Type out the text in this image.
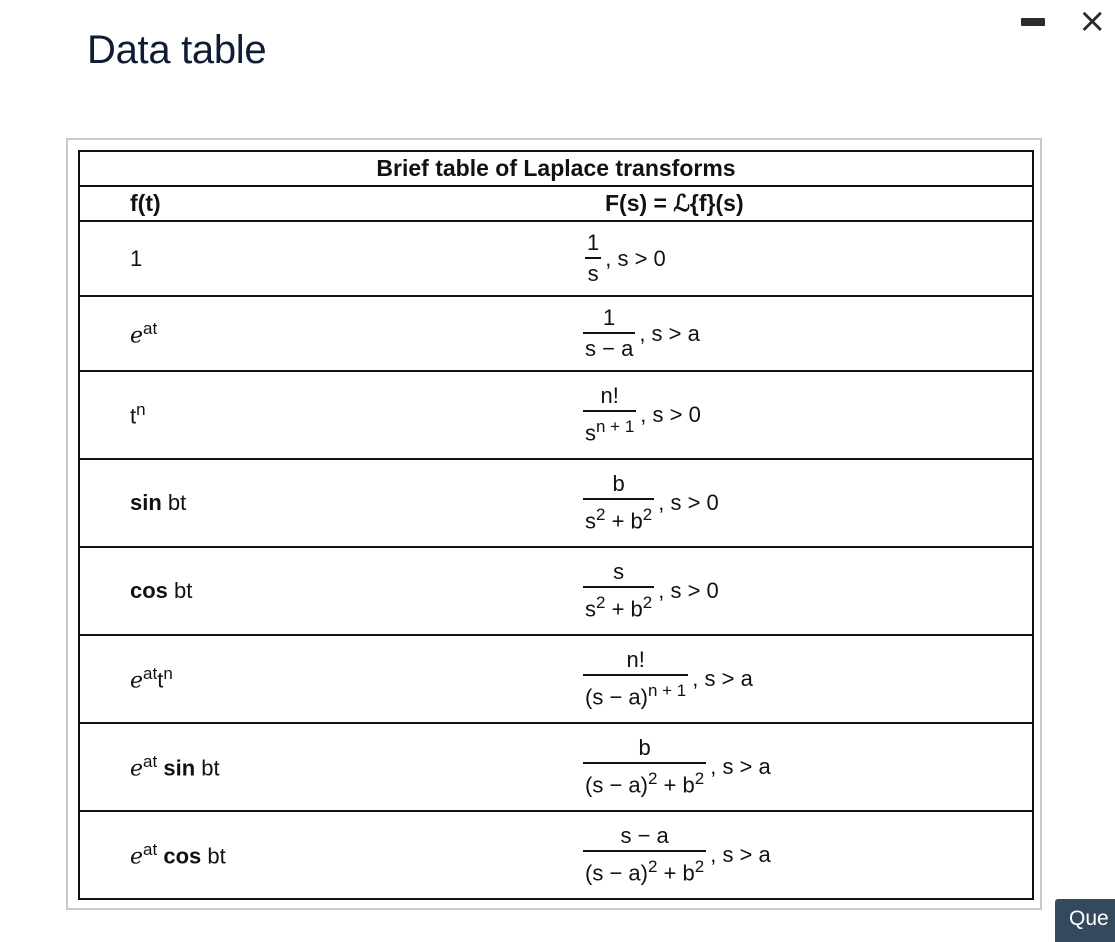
Data table
×
Brief table of Laplace transforms	
f(t)	F(s) = ℒ{f}(s)
1	$\frac{1}{s}$ , s > 0
$e^{at}$	$\frac{1}{s - a}$ , s > a
$t^n$	$\frac{n!}{s^{n + 1}}$ , s > 0
sin bt	$\frac{b}{s^2 + b^2}$ , s > 0
cos bt	$\frac{s}{s^2 + b^2}$ , s > 0
$e^{at}t^n$	$\frac{n!}{(s - a)^{n + 1}}$ , s > a
$e^{at}$ sin bt	$\frac{b}{(s - a)^2 + b^2}$ , s > a
$e^{at}$ cos bt	$\frac{s - a}{(s - a)^2 + b^2}$ , s > a
Que
